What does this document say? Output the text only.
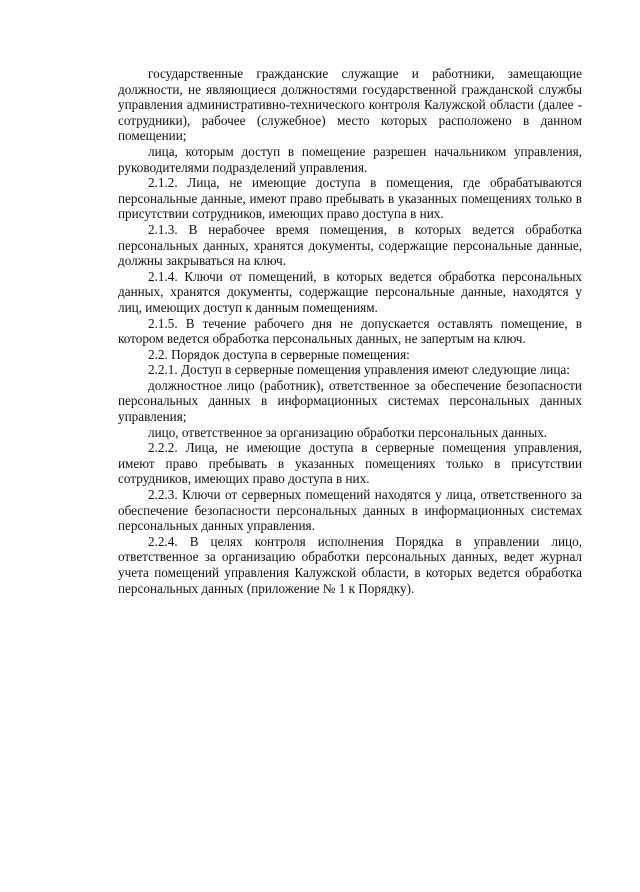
государственные гражданские служащие и работники, замещающие должности, не являющиеся должностями государственной гражданской службы управления административно-технического контроля Калужской области (далее - сотрудники), рабочее (служебное) место которых расположено в данном помещении;

лица, которым доступ в помещение разрешен начальником управления, руководителями подразделений управления.

2.1.2. Лица, не имеющие доступа в помещения, где обрабатываются персональные данные, имеют право пребывать в указанных помещениях только в присутствии сотрудников, имеющих право доступа в них.

2.1.3. В нерабочее время помещения, в которых ведется обработка персональных данных, хранятся документы, содержащие персональные данные, должны закрываться на ключ.

2.1.4. Ключи от помещений, в которых ведется обработка персональных данных, хранятся документы, содержащие персональные данные, находятся у лиц, имеющих доступ к данным помещениям.

2.1.5. В течение рабочего дня не допускается оставлять помещение, в котором ведется обработка персональных данных, не запертым на ключ.

2.2. Порядок доступа в серверные помещения:

2.2.1. Доступ в серверные помещения управления имеют следующие лица:

должностное лицо (работник), ответственное за обеспечение безопасности персональных данных в информационных системах персональных данных управления;

лицо, ответственное за организацию обработки персональных данных.

2.2.2. Лица, не имеющие доступа в серверные помещения управления, имеют право пребывать в указанных помещениях только в присутствии сотрудников, имеющих право доступа в них.

2.2.3. Ключи от серверных помещений находятся у лица, ответственного за обеспечение безопасности персональных данных в информационных системах персональных данных управления.

2.2.4. В целях контроля исполнения Порядка в управлении лицо, ответственное за организацию обработки персональных данных, ведет журнал учета помещений управления Калужской области, в которых ведется обработка персональных данных (приложение № 1 к Порядку).
